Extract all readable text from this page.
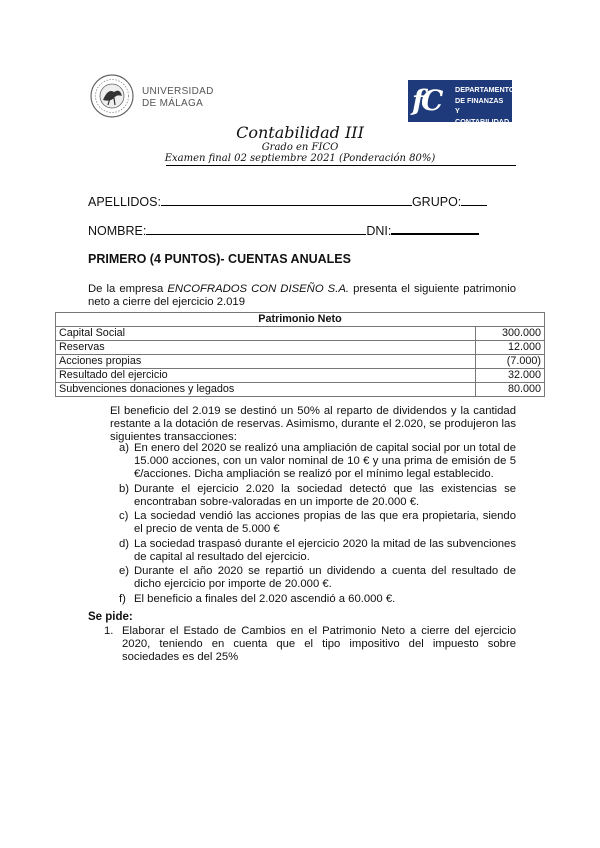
UNIVERSIDAD
DE MÁLAGA	fC DEPARTAMENTO
DE FINANZAS
Y CONTABILIDAD
Contabilidad III
Grado en FICO
Examen final 02 septiembre 2021 (Ponderación 80%)
APELLIDOS:	GRUPO:
NOMBRE:	DNI:
PRIMERO (4 PUNTOS)- CUENTAS ANUALES
De la empresa ENCOFRADOS CON DISEÑO S.A. presenta el siguiente patrimonio neto a cierre del ejercicio 2.019
Patrimonio Neto	
Capital Social	300.000
Reservas	12.000
Acciones propias	(7.000)
Resultado del ejercicio	32.000
Subvenciones donaciones y legados	80.000
El beneficio del 2.019 se destinó un 50% al reparto de dividendos y la cantidad restante a la dotación de reservas. Asimismo, durante el 2.020, se produjeron las siguientes transacciones:
a) En enero del 2020 se realizó una ampliación de capital social por un total de 15.000 acciones, con un valor nominal de 10 € y una prima de emisión de 5 €/acciones. Dicha ampliación se realizó por el mínimo legal establecido.
b) Durante el ejercicio 2.020 la sociedad detectó que las existencias se encontraban sobre-valoradas en un importe de 20.000 €.
c) La sociedad vendió las acciones propias de las que era propietaria, siendo el precio de venta de 5.000 €
d) La sociedad traspasó durante el ejercicio 2020 la mitad de las subvenciones de capital al resultado del ejercicio.
e) Durante el año 2020 se repartió un dividendo a cuenta del resultado de dicho ejercicio por importe de 20.000 €.
f) El beneficio a finales del 2.020 ascendió a 60.000 €.
Se pide:
1. Elaborar el Estado de Cambios en el Patrimonio Neto a cierre del ejercicio 2020, teniendo en cuenta que el tipo impositivo del impuesto sobre sociedades es del 25%
